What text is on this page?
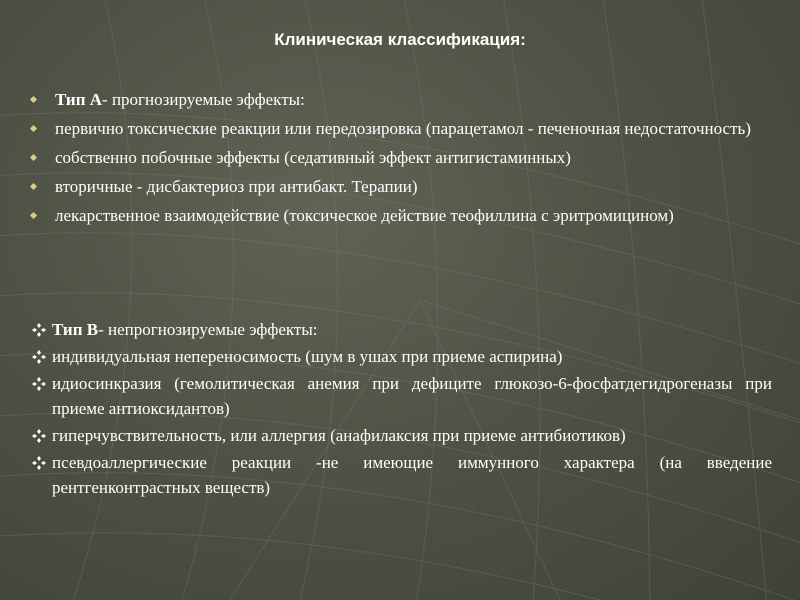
Клиническая классификация:
Тип А- прогнозируемые эффекты:
первично токсические реакции или передозировка (парацетамол - печеночная недостаточность)
собственно побочные эффекты (седативный эффект антигистаминных)
вторичные - дисбактериоз при антибакт. Терапии)
лекарственное взаимодействие (токсическое действие теофиллина с эритромицином)
Тип В- непрогнозируемые эффекты:
индивидуальная непереносимость (шум в ушах при приеме аспирина)
идиосинкразия (гемолитическая анемия при дефиците глюкозо-6-фосфатдегидрогеназы при приеме антиоксидантов)
гиперчувствительность, или аллергия (анафилаксия при приеме антибиотиков)
псевдоаллергические реакции -не имеющие иммунного характера (на введение рентгенконтрастных веществ)
